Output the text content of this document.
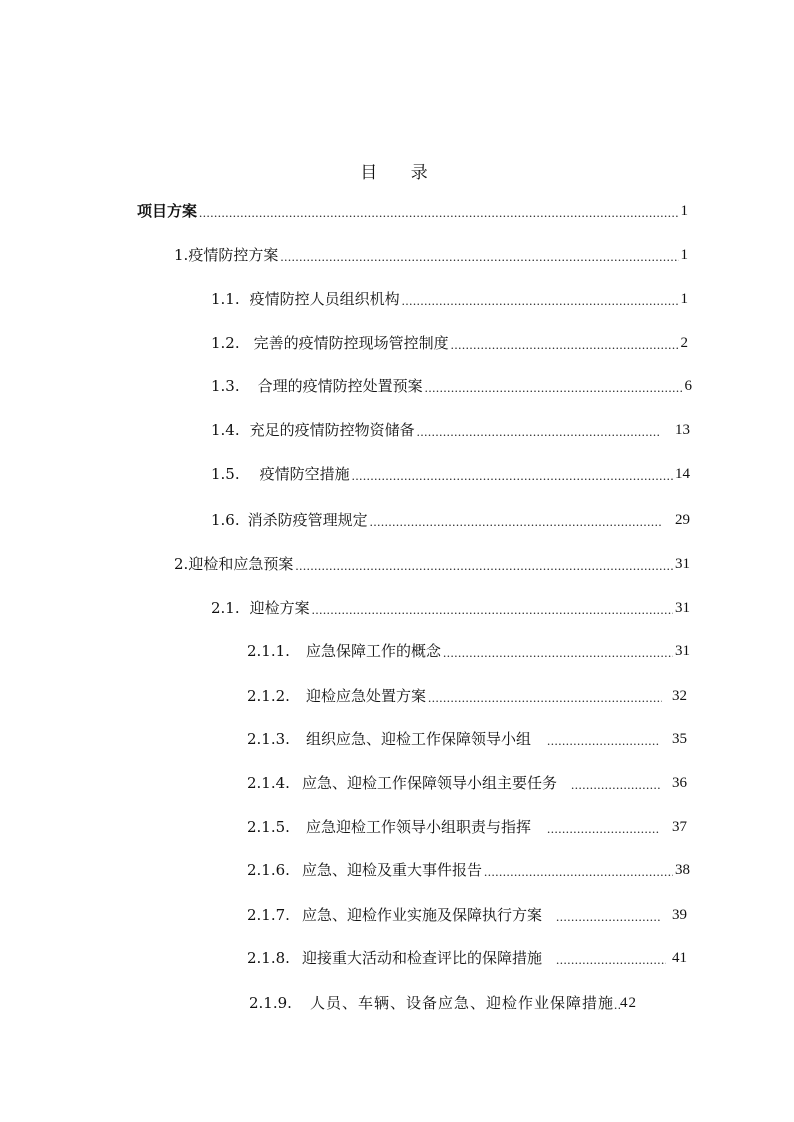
目 录
项目方案 .....	1
1. 疫情防控方案 .....	1
1.1. 疫情防控人员组织机构 .....	1
1.2. 完善的疫情防控现场管控制度 .....	2
1.3. 合理的疫情防控处置预案 .....	6
1.4. 充足的疫情防控物资储备 .....	13
1.5. 疫情防空措施 .....	14
1.6. 消杀防疫管理规定 .....	29
2. 迎检和应急预案 .....	31
2.1. 迎检方案 .....	31
2.1.1. 应急保障工作的概念 .....	31
2.1.2. 迎检应急处置方案 .....	32
2.1.3. 组织应急、迎检工作保障领导小组 .....	35
2.1.4. 应急、迎检工作保障领导小组主要任务 .....	36
2.1.5. 应急迎检工作领导小组职责与指挥 .....	37
2.1.6. 应急、迎检及重大事件报告 .....	38
2.1.7. 应急、迎检作业实施及保障执行方案 .....	39
2.1.8. 迎接重大活动和检查评比的保障措施 .....	41
2.1.9. 人员、车辆、设备应急、迎检作业保障措施 ..... 42
